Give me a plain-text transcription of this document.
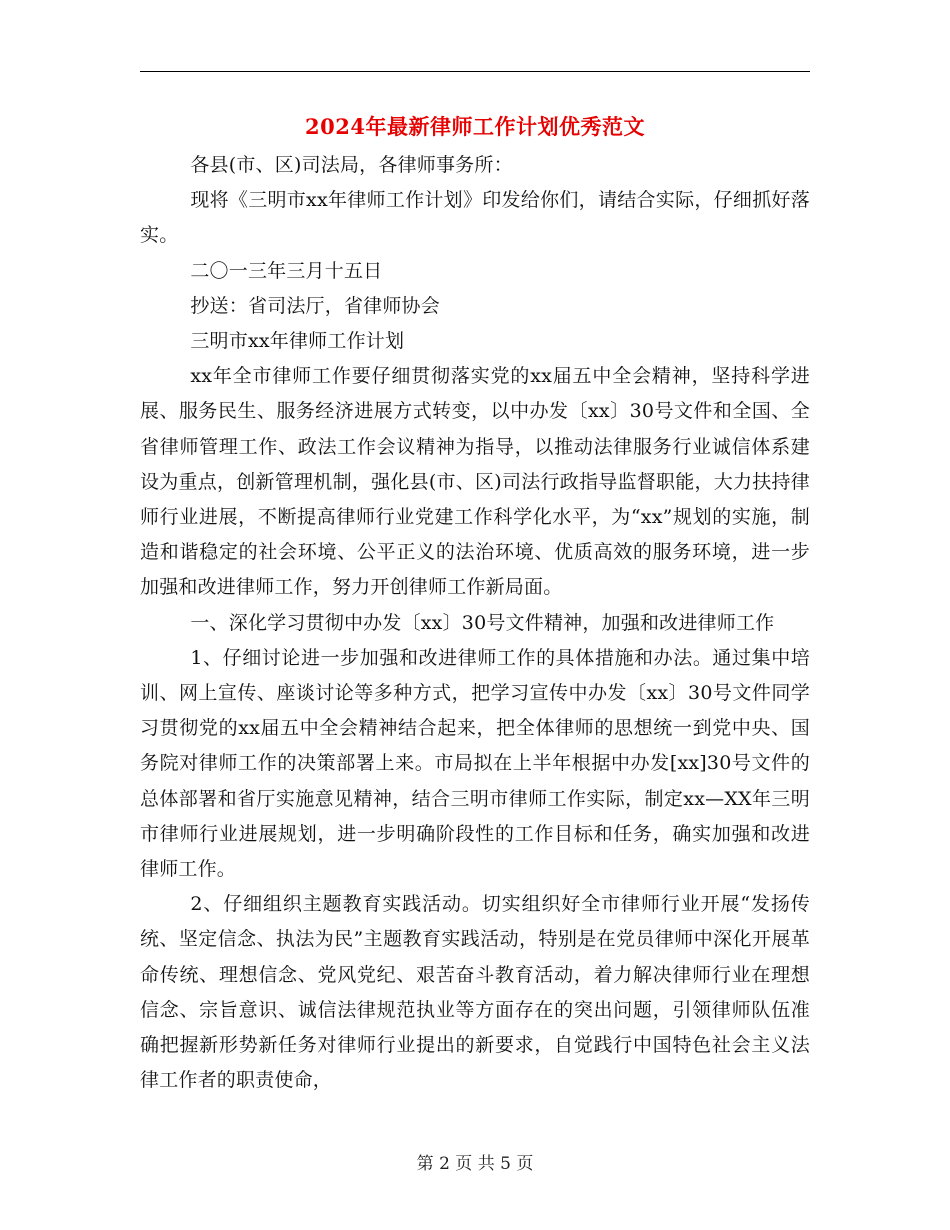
2024年最新律师工作计划优秀范文

各县(市、区)司法局，各律师事务所：

现将《三明市xx年律师工作计划》印发给你们，请结合实际，仔细抓好落实。

二〇一三年三月十五日

抄送：省司法厅，省律师协会

三明市xx年律师工作计划

xx年全市律师工作要仔细贯彻落实党的xx届五中全会精神，坚持科学进展、服务民生、服务经济进展方式转变，以中办发〔xx〕30号文件和全国、全省律师管理工作、政法工作会议精神为指导，以推动法律服务行业诚信体系建设为重点，创新管理机制，强化县(市、区)司法行政指导监督职能，大力扶持律师行业进展，不断提高律师行业党建工作科学化水平，为“xx”规划的实施，制造和谐稳定的社会环境、公平正义的法治环境、优质高效的服务环境，进一步加强和改进律师工作，努力开创律师工作新局面。

一、深化学习贯彻中办发〔xx〕30号文件精神，加强和改进律师工作

1、仔细讨论进一步加强和改进律师工作的具体措施和办法。通过集中培训、网上宣传、座谈讨论等多种方式，把学习宣传中办发〔xx〕30号文件同学习贯彻党的xx届五中全会精神结合起来，把全体律师的思想统一到党中央、国务院对律师工作的决策部署上来。市局拟在上半年根据中办发[xx]30号文件的总体部署和省厅实施意见精神，结合三明市律师工作实际，制定xx—XX年三明市律师行业进展规划，进一步明确阶段性的工作目标和任务，确实加强和改进律师工作。

2、仔细组织主题教育实践活动。切实组织好全市律师行业开展“发扬传统、坚定信念、执法为民”主题教育实践活动，特别是在党员律师中深化开展革命传统、理想信念、党风党纪、艰苦奋斗教育活动，着力解决律师行业在理想信念、宗旨意识、诚信法律规范执业等方面存在的突出问题，引领律师队伍准确把握新形势新任务对律师行业提出的新要求，自觉践行中国特色社会主义法律工作者的职责使命，

第 2 页 共 5 页
